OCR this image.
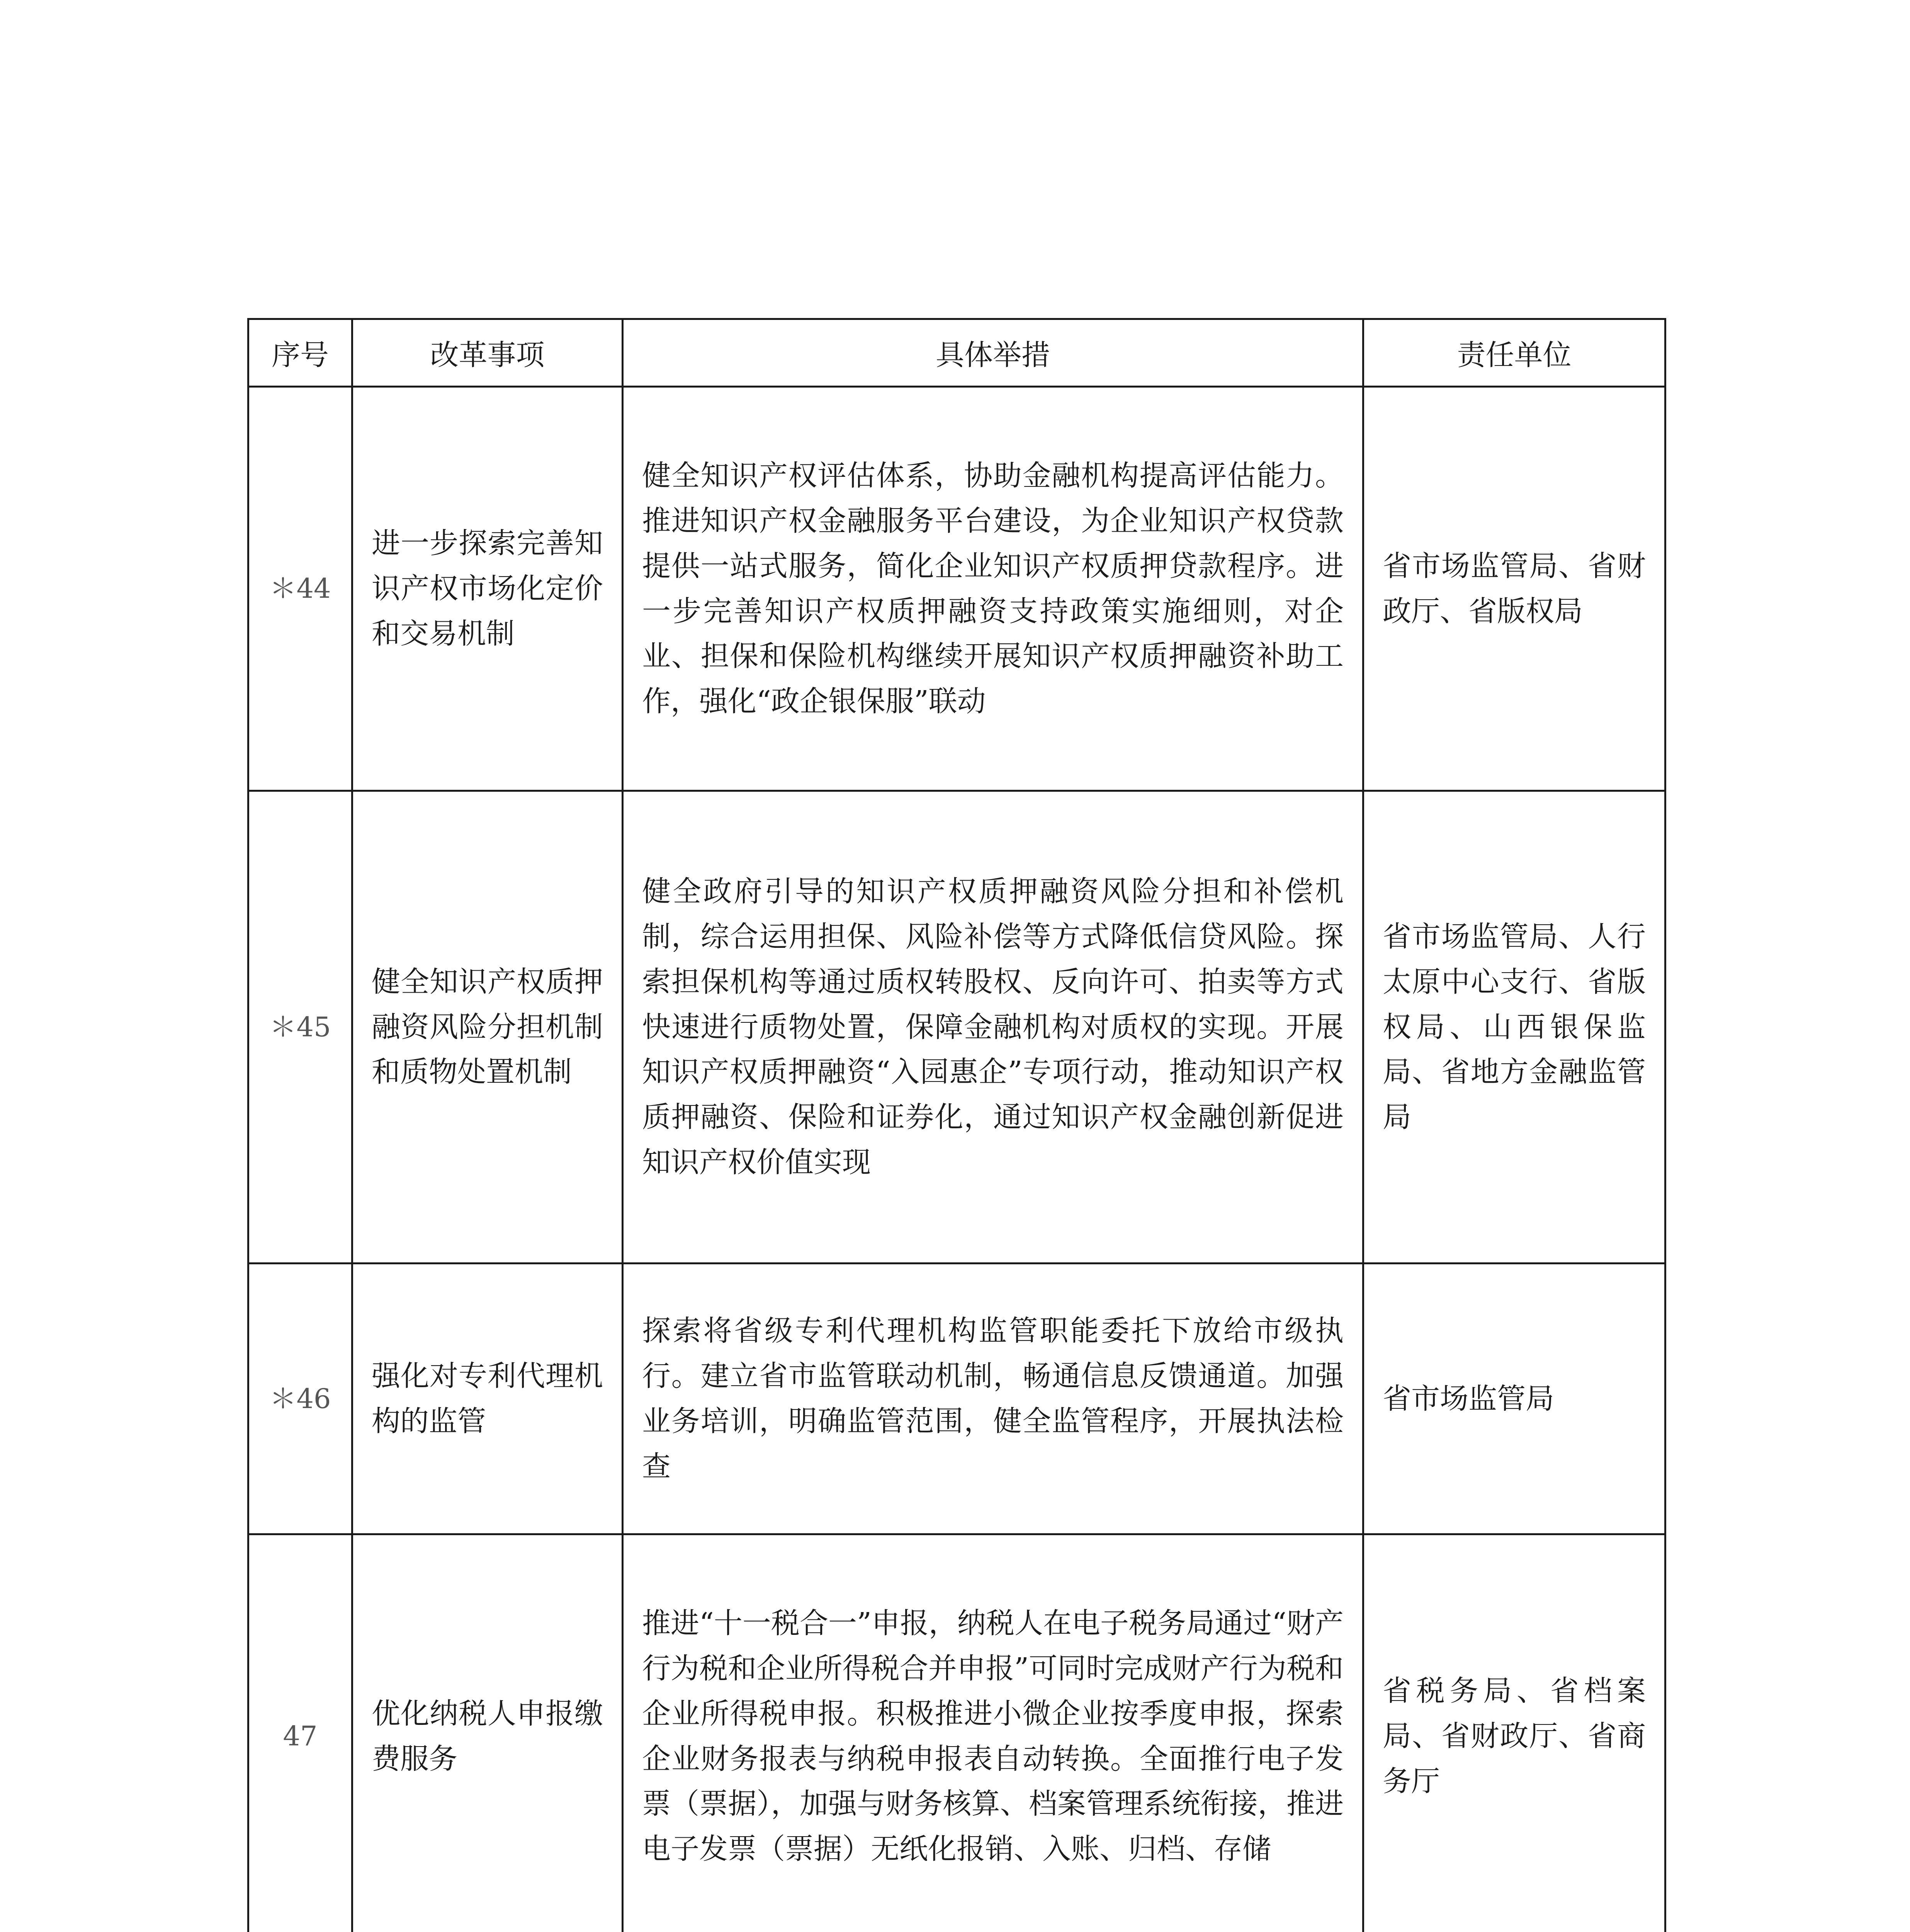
序号	改革事项	具体举措	责任单位
＊44	进一步探索完善知识产权市场化定价和交易机制	健全知识产权评估体系，协助金融机构提高评估能力。推进知识产权金融服务平台建设，为企业知识产权贷款提供一站式服务，简化企业知识产权质押贷款程序。进一步完善知识产权质押融资支持政策实施细则，对企业、担保和保险机构继续开展知识产权质押融资补助工作，强化“政企银保服”联动	省市场监管局、省财政厅、省版权局
＊45	健全知识产权质押融资风险分担机制和质物处置机制	健全政府引导的知识产权质押融资风险分担和补偿机制，综合运用担保、风险补偿等方式降低信贷风险。探索担保机构等通过质权转股权、反向许可、拍卖等方式快速进行质物处置，保障金融机构对质权的实现。开展知识产权质押融资“入园惠企”专项行动，推动知识产权质押融资、保险和证券化，通过知识产权金融创新促进知识产权价值实现	省市场监管局、人行太原中心支行、省版权局、山西银保监局、省地方金融监管局
＊46	强化对专利代理机构的监管	探索将省级专利代理机构监管职能委托下放给市级执行。建立省市监管联动机制，畅通信息反馈通道。加强业务培训，明确监管范围，健全监管程序，开展执法检查	省市场监管局
47	优化纳税人申报缴费服务	推进“十一税合一”申报，纳税人在电子税务局通过“财产行为税和企业所得税合并申报”可同时完成财产行为税和企业所得税申报。积极推进小微企业按季度申报，探索企业财务报表与纳税申报表自动转换。全面推行电子发票（票据），加强与财务核算、档案管理系统衔接，推进电子发票（票据）无纸化报销、入账、归档、存储	省税务局、省档案局、省财政厅、省商务厅
